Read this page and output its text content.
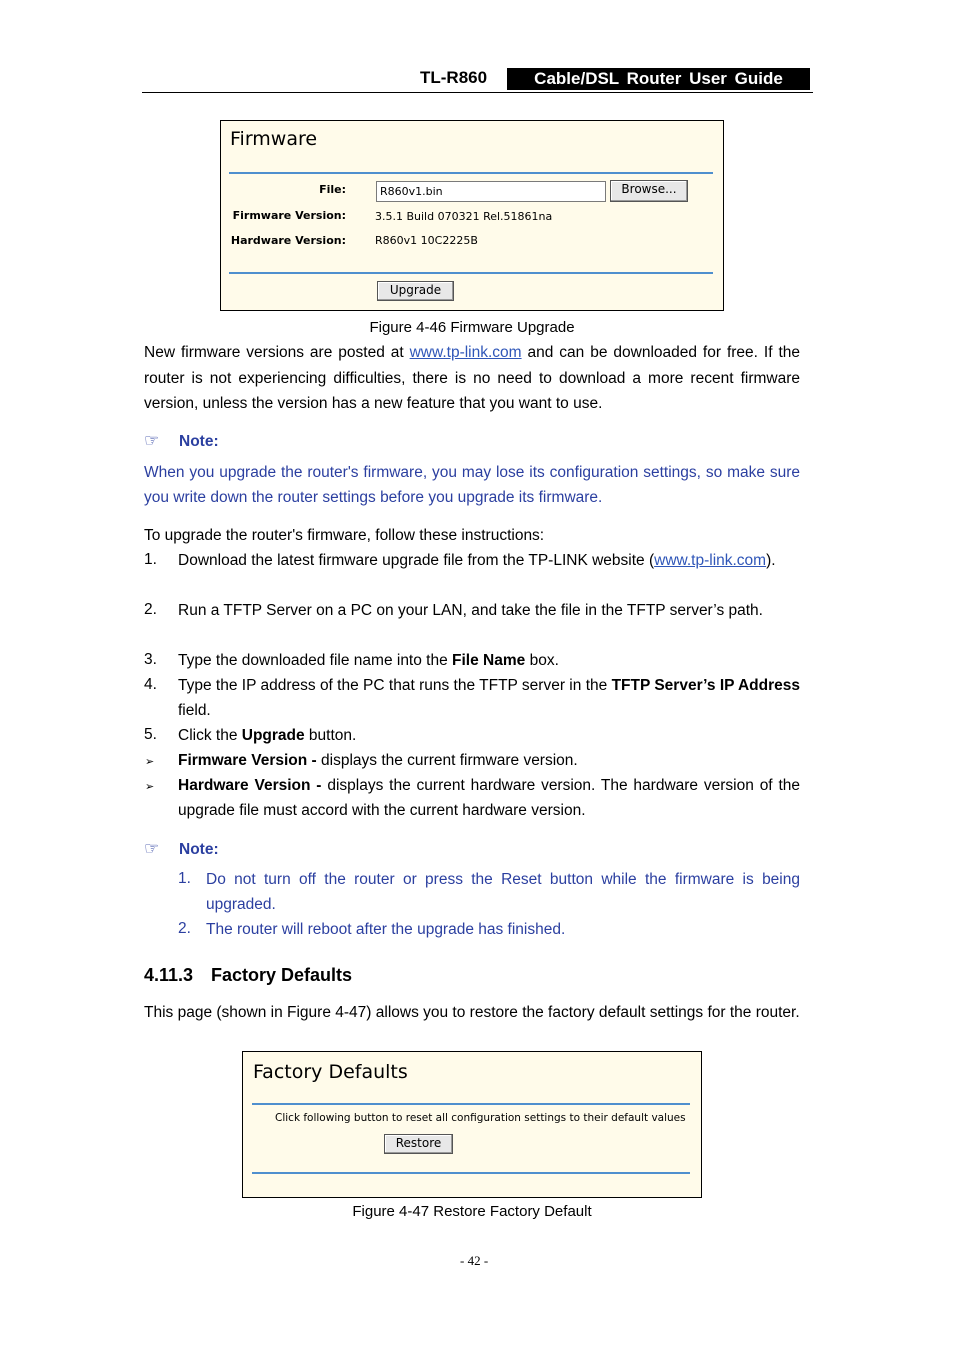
TL-R860	Cable/DSL Router User Guide
Firmware
File:	R860v1.bin	Browse...
Firmware Version:	3.5.1 Build 070321 Rel.51861na
Hardware Version:	R860v1 10C2225B
Upgrade
Figure 4-46 Firmware Upgrade
New firmware versions are posted at www.tp-link.com and can be downloaded for free. If the router is not experiencing difficulties, there is no need to download a more recent firmware version, unless the version has a new feature that you want to use.
☞ Note:
When you upgrade the router's firmware, you may lose its configuration settings, so make sure you write down the router settings before you upgrade its firmware.
To upgrade the router's firmware, follow these instructions:
1. Download the latest firmware upgrade file from the TP-LINK website (www.tp-link.com).
2. Run a TFTP Server on a PC on your LAN, and take the file in the TFTP server’s path.
3. Type the downloaded file name into the File Name box.
4. Type the IP address of the PC that runs the TFTP server in the TFTP Server’s IP Address field.
5. Click the Upgrade button.
➢ Firmware Version - displays the current firmware version.
➢ Hardware Version - displays the current hardware version. The hardware version of the upgrade file must accord with the current hardware version.
☞ Note:
1. Do not turn off the router or press the Reset button while the firmware is being upgraded.
2. The router will reboot after the upgrade has finished.
4.11.3 Factory Defaults
This page (shown in Figure 4-47) allows you to restore the factory default settings for the router.
Factory Defaults
Click following button to reset all configuration settings to their default values
Restore
Figure 4-47 Restore Factory Default
- 42 -
